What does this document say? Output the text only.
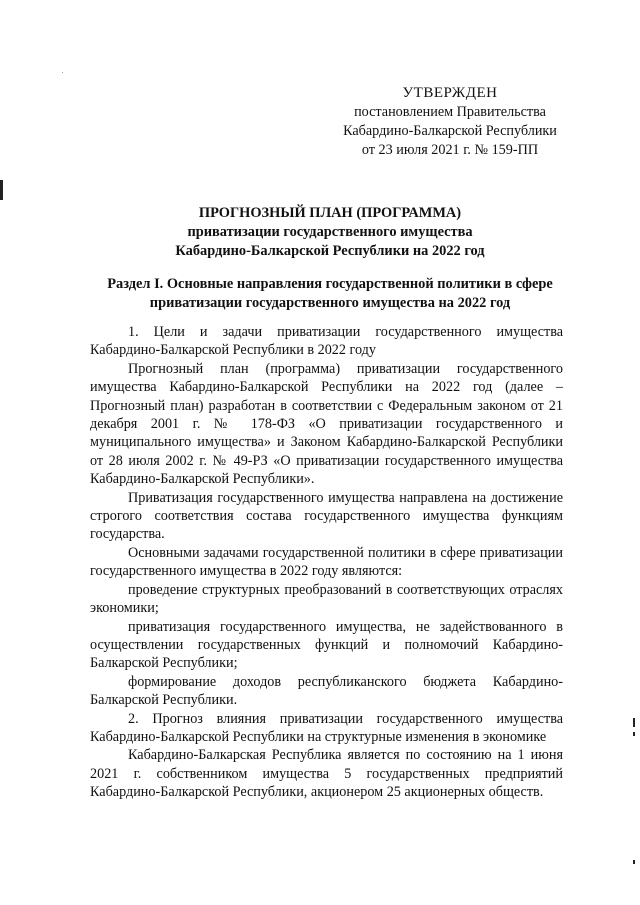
УТВЕРЖДЕН
постановлением Правительства
Кабардино-Балкарской Республики
от 23 июля 2021 г. № 159-ПП
ПРОГНОЗНЫЙ ПЛАН (ПРОГРАММА)
приватизации государственного имущества
Кабардино-Балкарской Республики на 2022 год
Раздел I. Основные направления государственной политики в сфере
приватизации государственного имущества на 2022 год

1. Цели и задачи приватизации государственного имущества Кабардино-Балкарской Республики в 2022 году

Прогнозный план (программа) приватизации государственного имущества Кабардино-Балкарской Республики на 2022 год (далее – Прогнозный план) разработан в соответствии с Федеральным законом от 21 декабря 2001 г. № 178-ФЗ «О приватизации государственного и муниципального имущества» и Законом Кабардино-Балкарской Республики от 28 июля 2002 г. № 49-РЗ «О приватизации государственного имущества Кабардино-Балкарской Республики».

Приватизация государственного имущества направлена на достижение строгого соответствия состава государственного имущества функциям государства.

Основными задачами государственной политики в сфере приватизации государственного имущества в 2022 году являются:

проведение структурных преобразований в соответствующих отраслях экономики;

приватизация государственного имущества, не задействованного в осуществлении государственных функций и полномочий Кабардино-Балкарской Республики;

формирование доходов республиканского бюджета Кабардино-Балкарской Республики.

2. Прогноз влияния приватизации государственного имущества Кабардино-Балкарской Республики на структурные изменения в экономике

Кабардино-Балкарская Республика является по состоянию на 1 июня 2021 г. собственником имущества 5 государственных предприятий Кабардино-Балкарской Республики, акционером 25 акционерных обществ.
